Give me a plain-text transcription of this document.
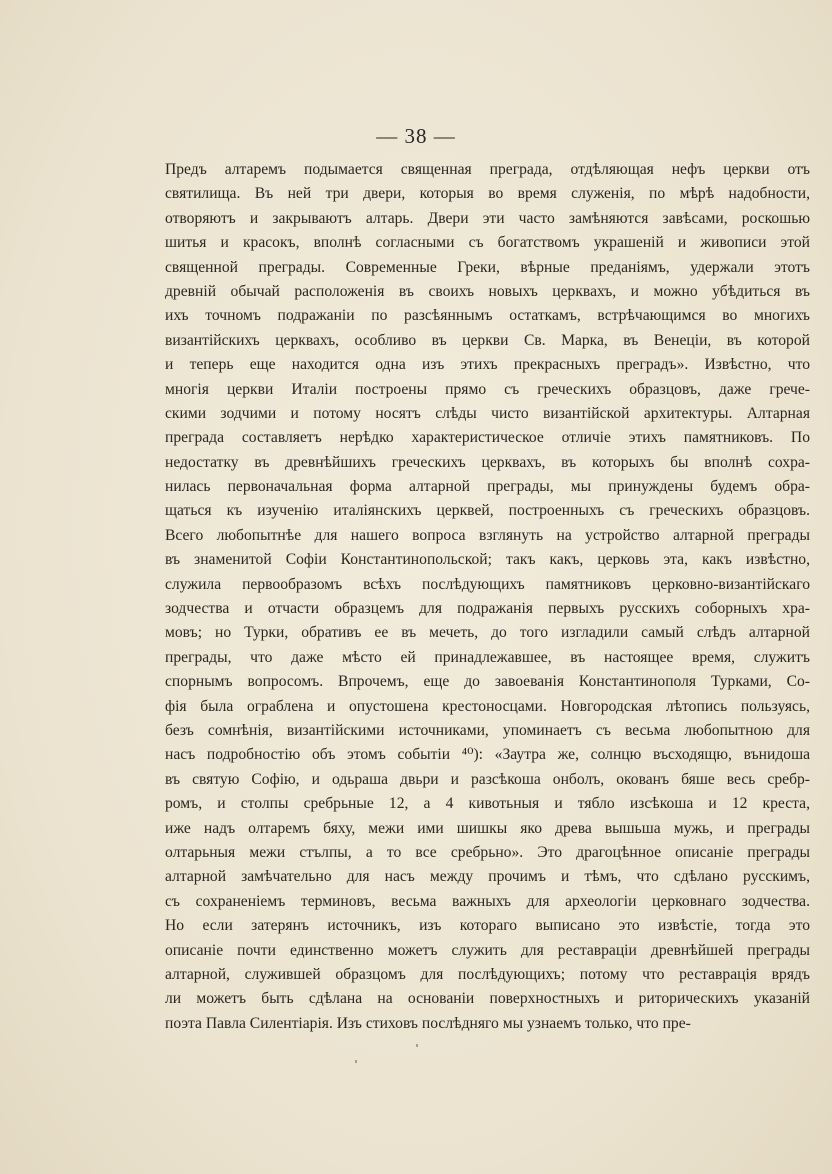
— 38 —
Предъ алтаремъ подымается священная преграда, отдѣляющая нефъ церкви отъ
святилища. Въ ней три двери, которыя во время служенія, по мѣрѣ надобности,
отворяютъ и закрываютъ алтарь. Двери эти часто замѣняются завѣсами, роскошью
шитья и красокъ, вполнѣ согласными съ богатствомъ украшеній и живописи этой
священной преграды. Современные Греки, вѣрные преданіямъ, удержали этотъ
древній обычай расположенія въ своихъ новыхъ церквахъ, и можно убѣдиться въ
ихъ точномъ подражаніи по разсѣяннымъ остаткамъ, встрѣчающимся во многихъ
византійскихъ церквахъ, особливо въ церкви Св. Марка, въ Венеціи, въ которой
и теперь еще находится одна изъ этихъ прекрасныхъ преградъ». Извѣстно, что
многія церкви Италіи построены прямо съ греческихъ образцовъ, даже грече-
скими зодчими и потому носятъ слѣды чисто византійской архитектуры. Алтарная
преграда составляетъ нерѣдко характеристическое отличіе этихъ памятниковъ. По
недостатку въ древнѣйшихъ греческихъ церквахъ, въ которыхъ бы вполнѣ сохра-
нилась первоначальная форма алтарной преграды, мы принуждены будемъ обра-
щаться къ изученію италіянскихъ церквей, построенныхъ съ греческихъ образцовъ.
Всего любопытнѣе для нашего вопроса взглянуть на устройство алтарной преграды
въ знаменитой Софіи Константинопольской; такъ какъ, церковь эта, какъ извѣстно,
служила первообразомъ всѣхъ послѣдующихъ памятниковъ церковно-византійскаго
зодчества и отчасти образцемъ для подражанія первыхъ русскихъ соборныхъ хра-
мовъ; но Турки, обративъ ее въ мечеть, до того изгладили самый слѣдъ алтарной
преграды, что даже мѣсто ей принадлежавшее, въ настоящее время, служитъ
спорнымъ вопросомъ. Впрочемъ, еще до завоеванія Константинополя Турками, Со-
фія была ограблена и опустошена крестоносцами. Новгородская лѣтопись пользуясь,
безъ сомнѣнія, византійскими источниками, упоминаетъ съ весьма любопытною для
насъ подробностію объ этомъ событіи ⁴⁰): «Заутра же, солнцю въсходящю, вънидоша
въ святую Софію, и одьраша двьри и разсѣкоша онболъ, окованъ бяше весь сребр-
ромъ, и столпы сребрьные 12, а 4 кивотьныя и тябло изсѣкоша и 12 креста,
иже надъ олтаремъ бяху, межи ими шишкы яко древа вышьша мужь, и преграды
олтарьныя межи стълпы, а то все сребрьно». Это драгоцѣнное описаніе преграды
алтарной замѣчательно для насъ между прочимъ и тѣмъ, что сдѣлано русскимъ,
съ сохраненіемъ терминовъ, весьма важныхъ для археологіи церковнаго зодчества.
Но если затерянъ источникъ, изъ котораго выписано это извѣстіе, тогда это
описаніе почти единственно можетъ служить для реставраціи древнѣйшей преграды
алтарной, служившей образцомъ для послѣдующихъ; потому что реставрація врядъ
ли можетъ быть сдѣлана на основаніи поверхностныхъ и риторическихъ указаній
поэта Павла Силентіарія. Изъ стиховъ послѣдняго мы узнаемъ только, что пре-
